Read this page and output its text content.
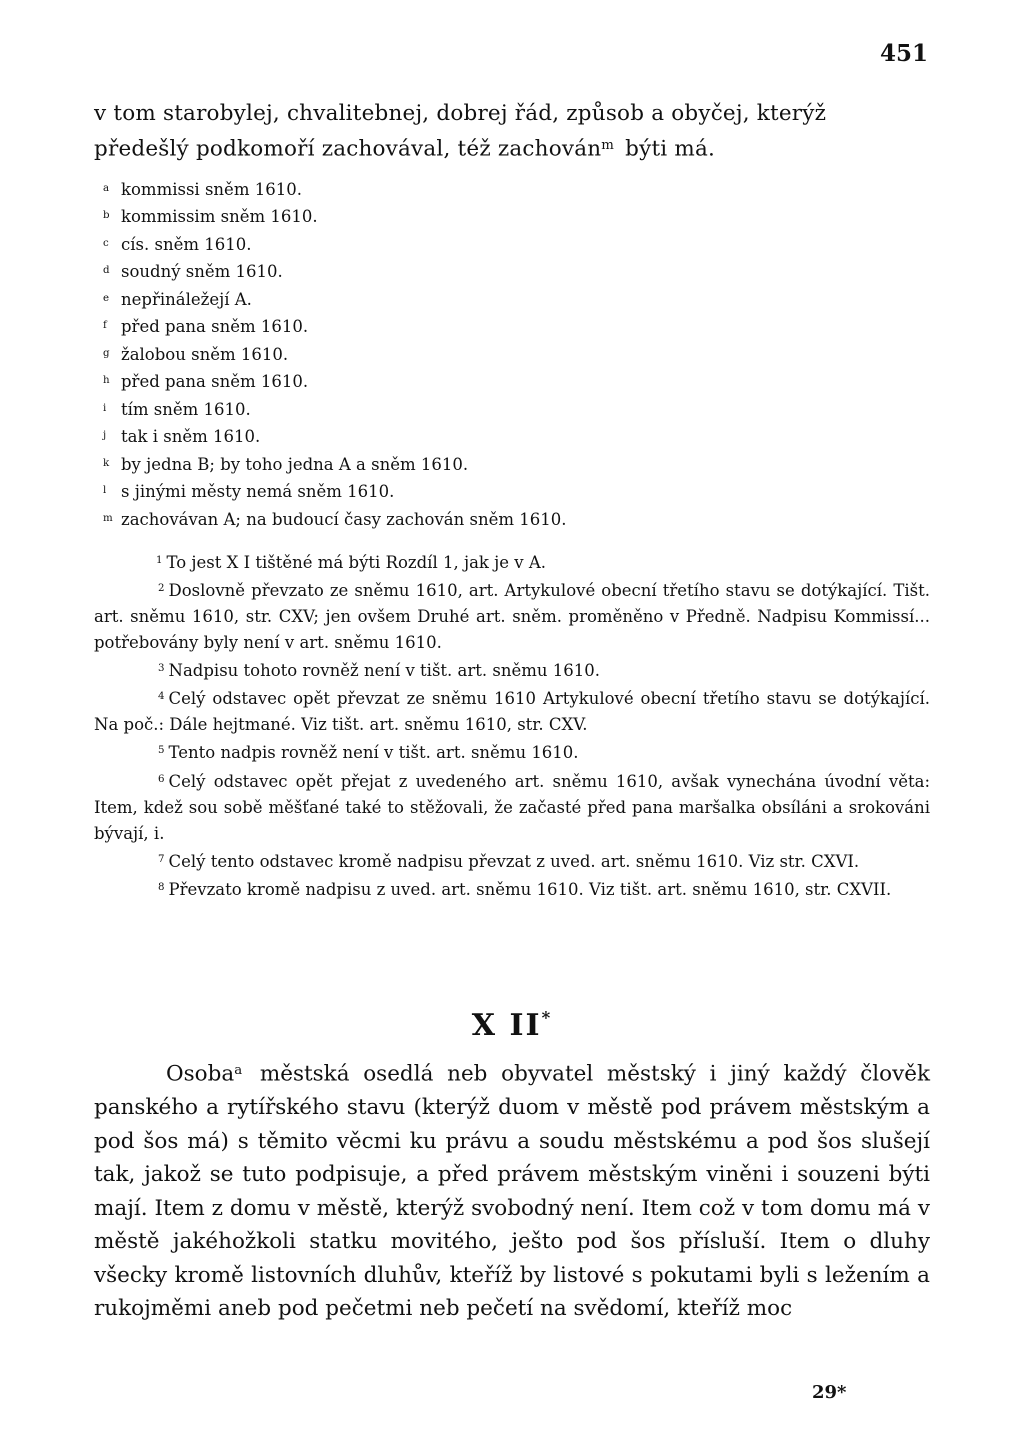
451

v tom starobylej, chvalitebnej, dobrej řád, způsob a obyčej, kterýž

předešlý podkomoří zachovával, též zachován$^m$ býti má.

a kommissi sněm 1610.

b kommissim sněm 1610.

c cís. sněm 1610.

d soudný sněm 1610.

e nepřináležejí A.

f před pana sněm 1610.

g žalobou sněm 1610.

h před pana sněm 1610.

i tím sněm 1610.

j tak i sněm 1610.

k by jedna B; by toho jedna A a sněm 1610.

l s jinými městy nemá sněm 1610.

m zachovávan A; na budoucí časy zachován sněm 1610.

$^1$ To jest X I tištěné má býti Rozdíl 1, jak je v A.

$^2$ Doslovně převzato ze sněmu 1610, art. Artykulové obecní třetího stavu se dotýkající. Tišt. art. sněmu 1610, str. CXV; jen ovšem Druhé art. sněm. proměněno v Předně. Nadpisu Kommissí... potřebovány byly není v art. sněmu 1610.

$^3$ Nadpisu tohoto rovněž není v tišt. art. sněmu 1610.

$^4$ Celý odstavec opět převzat ze sněmu 1610 Artykulové obecní třetího stavu se dotýkající. Na poč.: Dále hejtmané. Viz tišt. art. sněmu 1610, str. CXV.

$^5$ Tento nadpis rovněž není v tišt. art. sněmu 1610.

$^6$ Celý odstavec opět přejat z uvedeného art. sněmu 1610, avšak vynechána úvodní věta: Item, kdež sou sobě měšťané také to stěžovali, že začasté před pana maršalka obsíláni a srokováni bývají, i.

$^7$ Celý tento odstavec kromě nadpisu převzat z uved. art. sněmu 1610. Viz str. CXVI.

$^8$ Převzato kromě nadpisu z uved. art. sněmu 1610. Viz tišt. art. sněmu 1610, str. CXVII.

X II*

Osoba$^a$ městská osedlá neb obyvatel městský i jiný každý člověk panského a rytířského stavu (kterýž duom v městě pod právem městským a pod šos má) s těmito věcmi ku právu a soudu městskému a pod šos slušejí tak, jakož se tuto podpisuje, a před právem městským viněni i souzeni býti mají. Item z domu v městě, kterýž svobodný není. Item což v tom domu má v městě jakéhožkoli statku movitého, ješto pod šos přísluší. Item o dluhy všecky kromě listovních dluhův, kteříž by listové s pokutami byli s ležením a rukojměmi aneb pod pečetmi neb pečetí na svědomí, kteříž moc

29*
